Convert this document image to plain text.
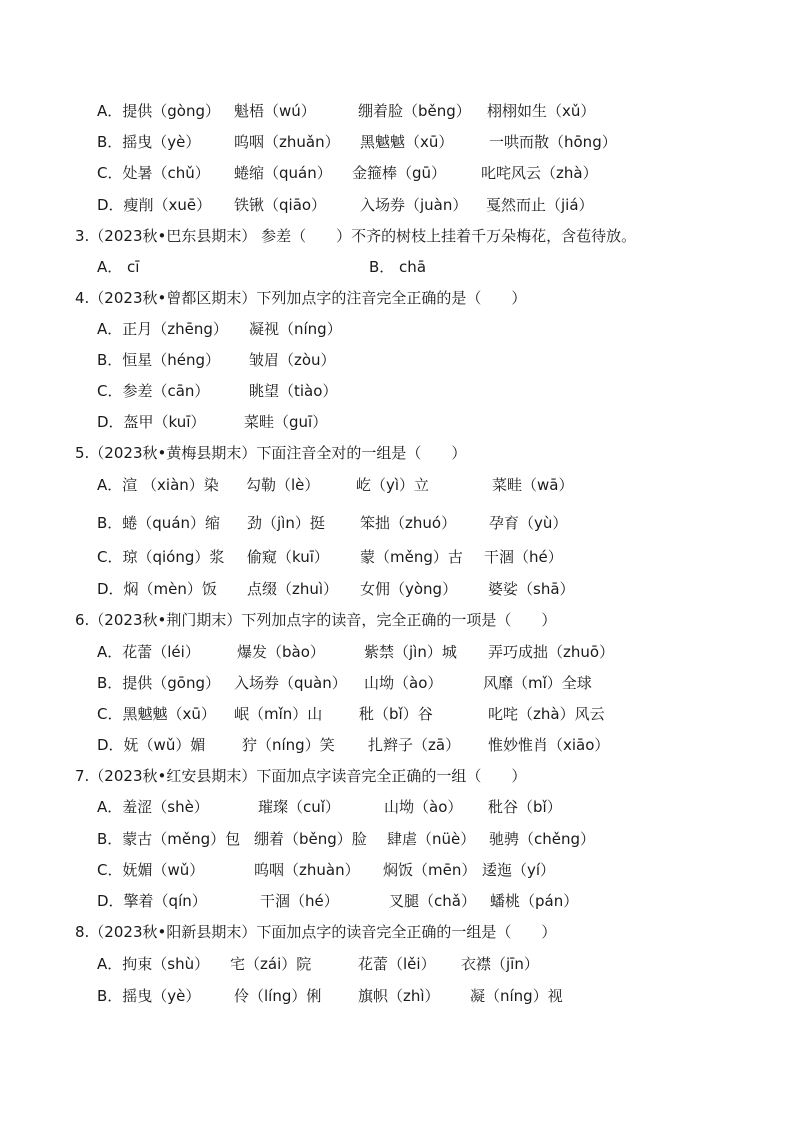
A．提供（gòng） 魁梧（wú）	绷着脸（běng） 栩栩如生（xǔ）
B．摇曳（yè） 呜咽（zhuǎn） 黑魆魆（xū） 一哄而散（hōng）
C．处暑（chǔ） 蜷缩（quán） 金箍棒（gū） 叱咤风云（zhà）
D．瘦削（xuē） 铁锹（qiāo） 入场券（juàn） 戛然而止（jiá）
3.（2023秋•巴东县期末） 参差（　　）不齐的树枝上挂着千万朵梅花，含苞待放。
A． cī	B． chā
4.（2023秋•曾都区期末）下列加点字的注音完全正确的是（　　）
A．正月（zhēng） 凝视（níng）
B．恒星（héng） 皱眉（zòu）
C．参差（cān）	眺望（tiào）
D．盔甲（kuī）	菜畦（guī）
5.（2023秋•黄梅县期末）下面注音全对的一组是（　　）
A．渲 （xiàn）染 勾勒（lè） 屹（yì）立	菜畦（wā）
B．蜷（quán）缩 劲（jìn）挺 笨拙（zhuó） 孕育（yù）
C．琼（qióng）浆 偷窥（kuī） 蒙（měng）古 干涸（hé）
D．焖（mèn）饭 点缀（zhuì） 女佣（yòng） 婆娑（shā）
6.（2023秋•荆门期末）下列加点字的读音，完全正确的一项是（　　）
A．花蕾（léi） 爆发（bào）	紫禁（jìn）城 弄巧成拙（zhuō）
B．提供（gōng） 入场券（quàn） 山坳（ào）	风靡（mǐ）全球
C．黑魆魆（xū） 岷（mǐn）山 秕（bǐ）谷	叱咤（zhà）风云
D．妩（wǔ）媚 狞（níng）笑 扎辫子（zā） 惟妙惟肖（xiāo）
7.（2023秋•红安县期末）下面加点字读音完全正确的一组（　　）
A．羞涩（shè）	璀璨（cuǐ）	山坳（ào） 秕谷（bǐ）
B．蒙古（měng）包 绷着（běng）脸 肆虐（nüè） 驰骋（chěng）
C．妩媚（wǔ）	呜咽（zhuàn） 焖饭（mēn） 逶迤（yí）
D．擎着（qín）	干涸（hé）	叉腿（chǎ） 蟠桃（pán）
8.（2023秋•阳新县期末）下面加点字的读音完全正确的一组是（　　）
A．拘束（shù） 宅（zái）院	花蕾（lěi） 衣襟（jīn）
B．摇曳（yè） 伶（líng）俐 旗帜（zhì） 凝（níng）视
